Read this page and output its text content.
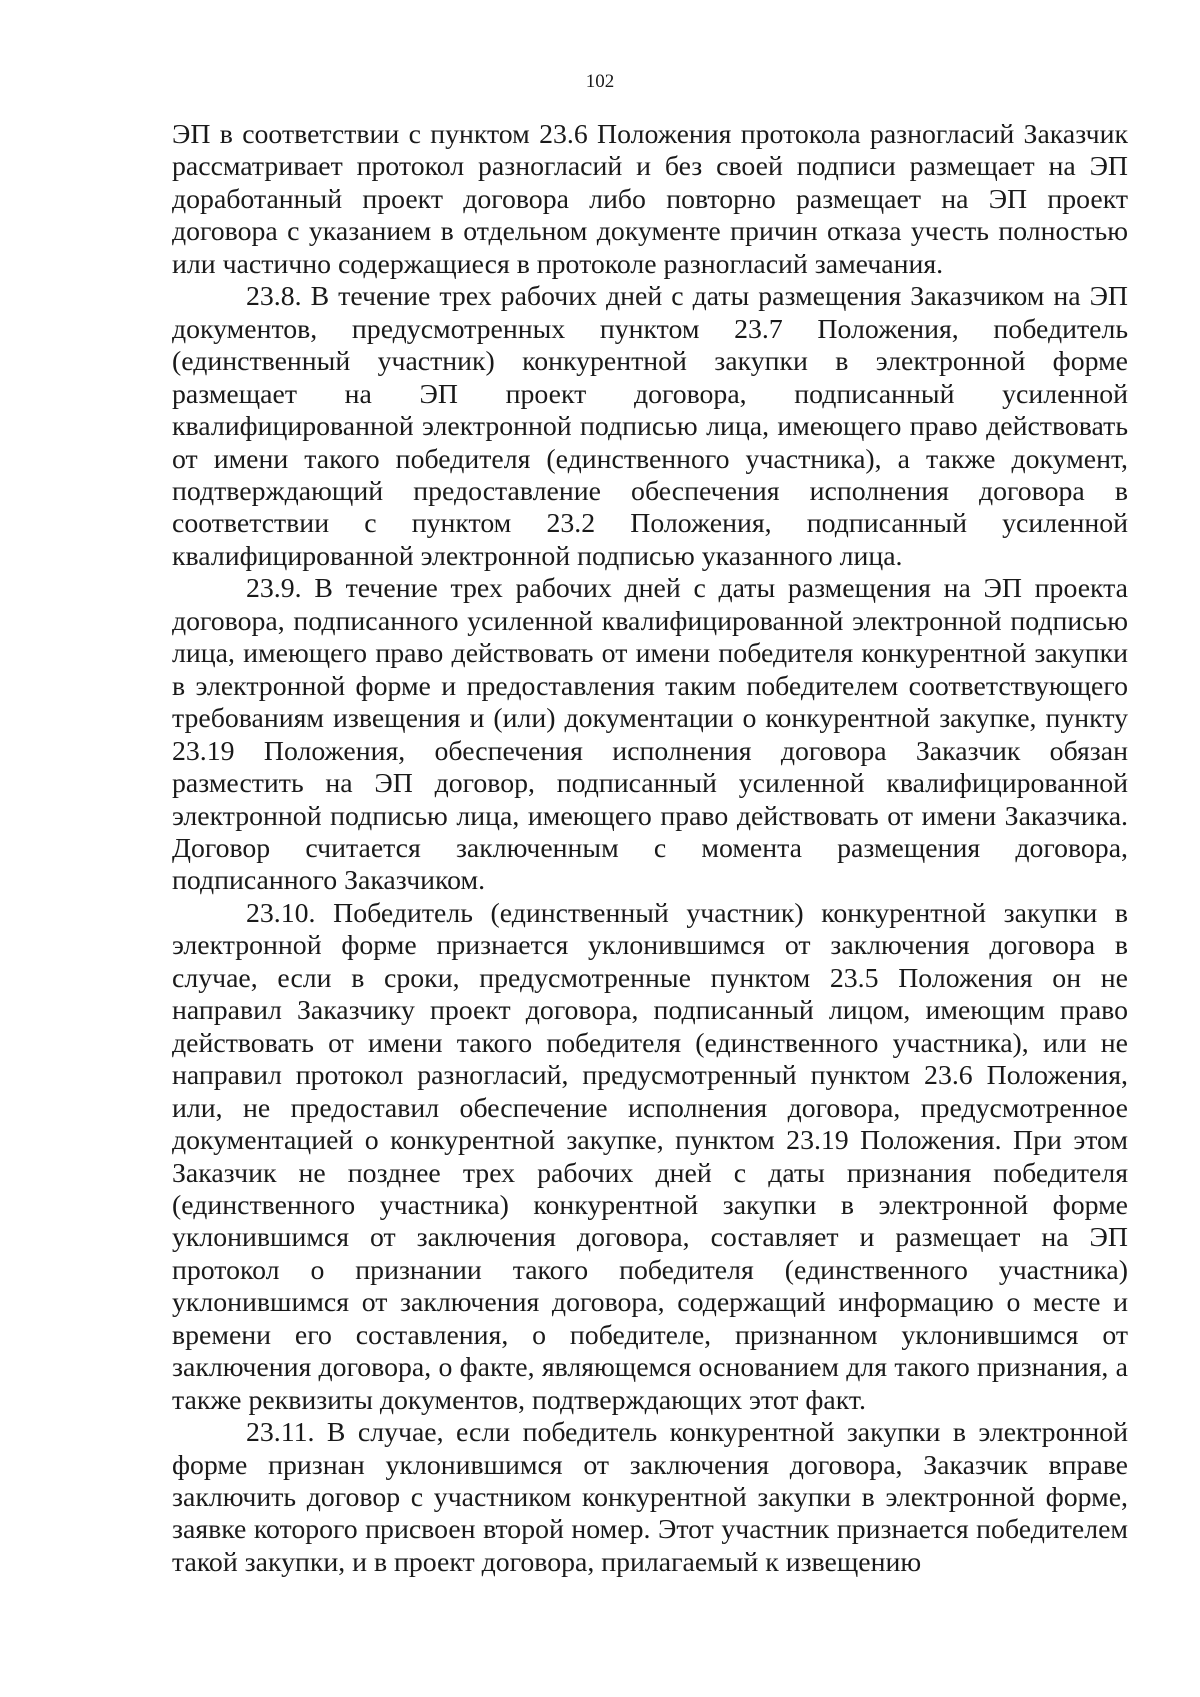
102

ЭП в соответствии с пунктом 23.6 Положения протокола разногласий Заказчик рассматривает протокол разногласий и без своей подписи размещает на ЭП доработанный проект договора либо повторно размещает на ЭП проект договора с указанием в отдельном документе причин отказа учесть полностью или частично содержащиеся в протоколе разногласий замечания.

23.8. В течение трех рабочих дней с даты размещения Заказчиком на ЭП документов, предусмотренных пунктом 23.7 Положения, победитель (единственный участник) конкурентной закупки в электронной форме размещает на ЭП проект договора, подписанный усиленной квалифицированной электронной подписью лица, имеющего право действовать от имени такого победителя (единственного участника), а также документ, подтверждающий предоставление обеспечения исполнения договора в соответствии с пунктом 23.2 Положения, подписанный усиленной квалифицированной электронной подписью указанного лица.

23.9. В течение трех рабочих дней с даты размещения на ЭП проекта договора, подписанного усиленной квалифицированной электронной подписью лица, имеющего право действовать от имени победителя конкурентной закупки в электронной форме и предоставления таким победителем соответствующего требованиям извещения и (или) документации о конкурентной закупке, пункту 23.19 Положения, обеспечения исполнения договора Заказчик обязан разместить на ЭП договор, подписанный усиленной квалифицированной электронной подписью лица, имеющего право действовать от имени Заказчика. Договор считается заключенным с момента размещения договора, подписанного Заказчиком.

23.10. Победитель (единственный участник) конкурентной закупки в электронной форме признается уклонившимся от заключения договора в случае, если в сроки, предусмотренные пунктом 23.5 Положения он не направил Заказчику проект договора, подписанный лицом, имеющим право действовать от имени такого победителя (единственного участника), или не направил протокол разногласий, предусмотренный пунктом 23.6 Положения, или, не предоставил обеспечение исполнения договора, предусмотренное документацией о конкурентной закупке, пунктом 23.19 Положения. При этом Заказчик не позднее трех рабочих дней с даты признания победителя (единственного участника) конкурентной закупки в электронной форме уклонившимся от заключения договора, составляет и размещает на ЭП протокол о признании такого победителя (единственного участника) уклонившимся от заключения договора, содержащий информацию о месте и времени его составления, о победителе, признанном уклонившимся от заключения договора, о факте, являющемся основанием для такого признания, а также реквизиты документов, подтверждающих этот факт.

23.11. В случае, если победитель конкурентной закупки в электронной форме признан уклонившимся от заключения договора, Заказчик вправе заключить договор с участником конкурентной закупки в электронной форме, заявке которого присвоен второй номер. Этот участник признается победителем такой закупки, и в проект договора, прилагаемый к извещению
